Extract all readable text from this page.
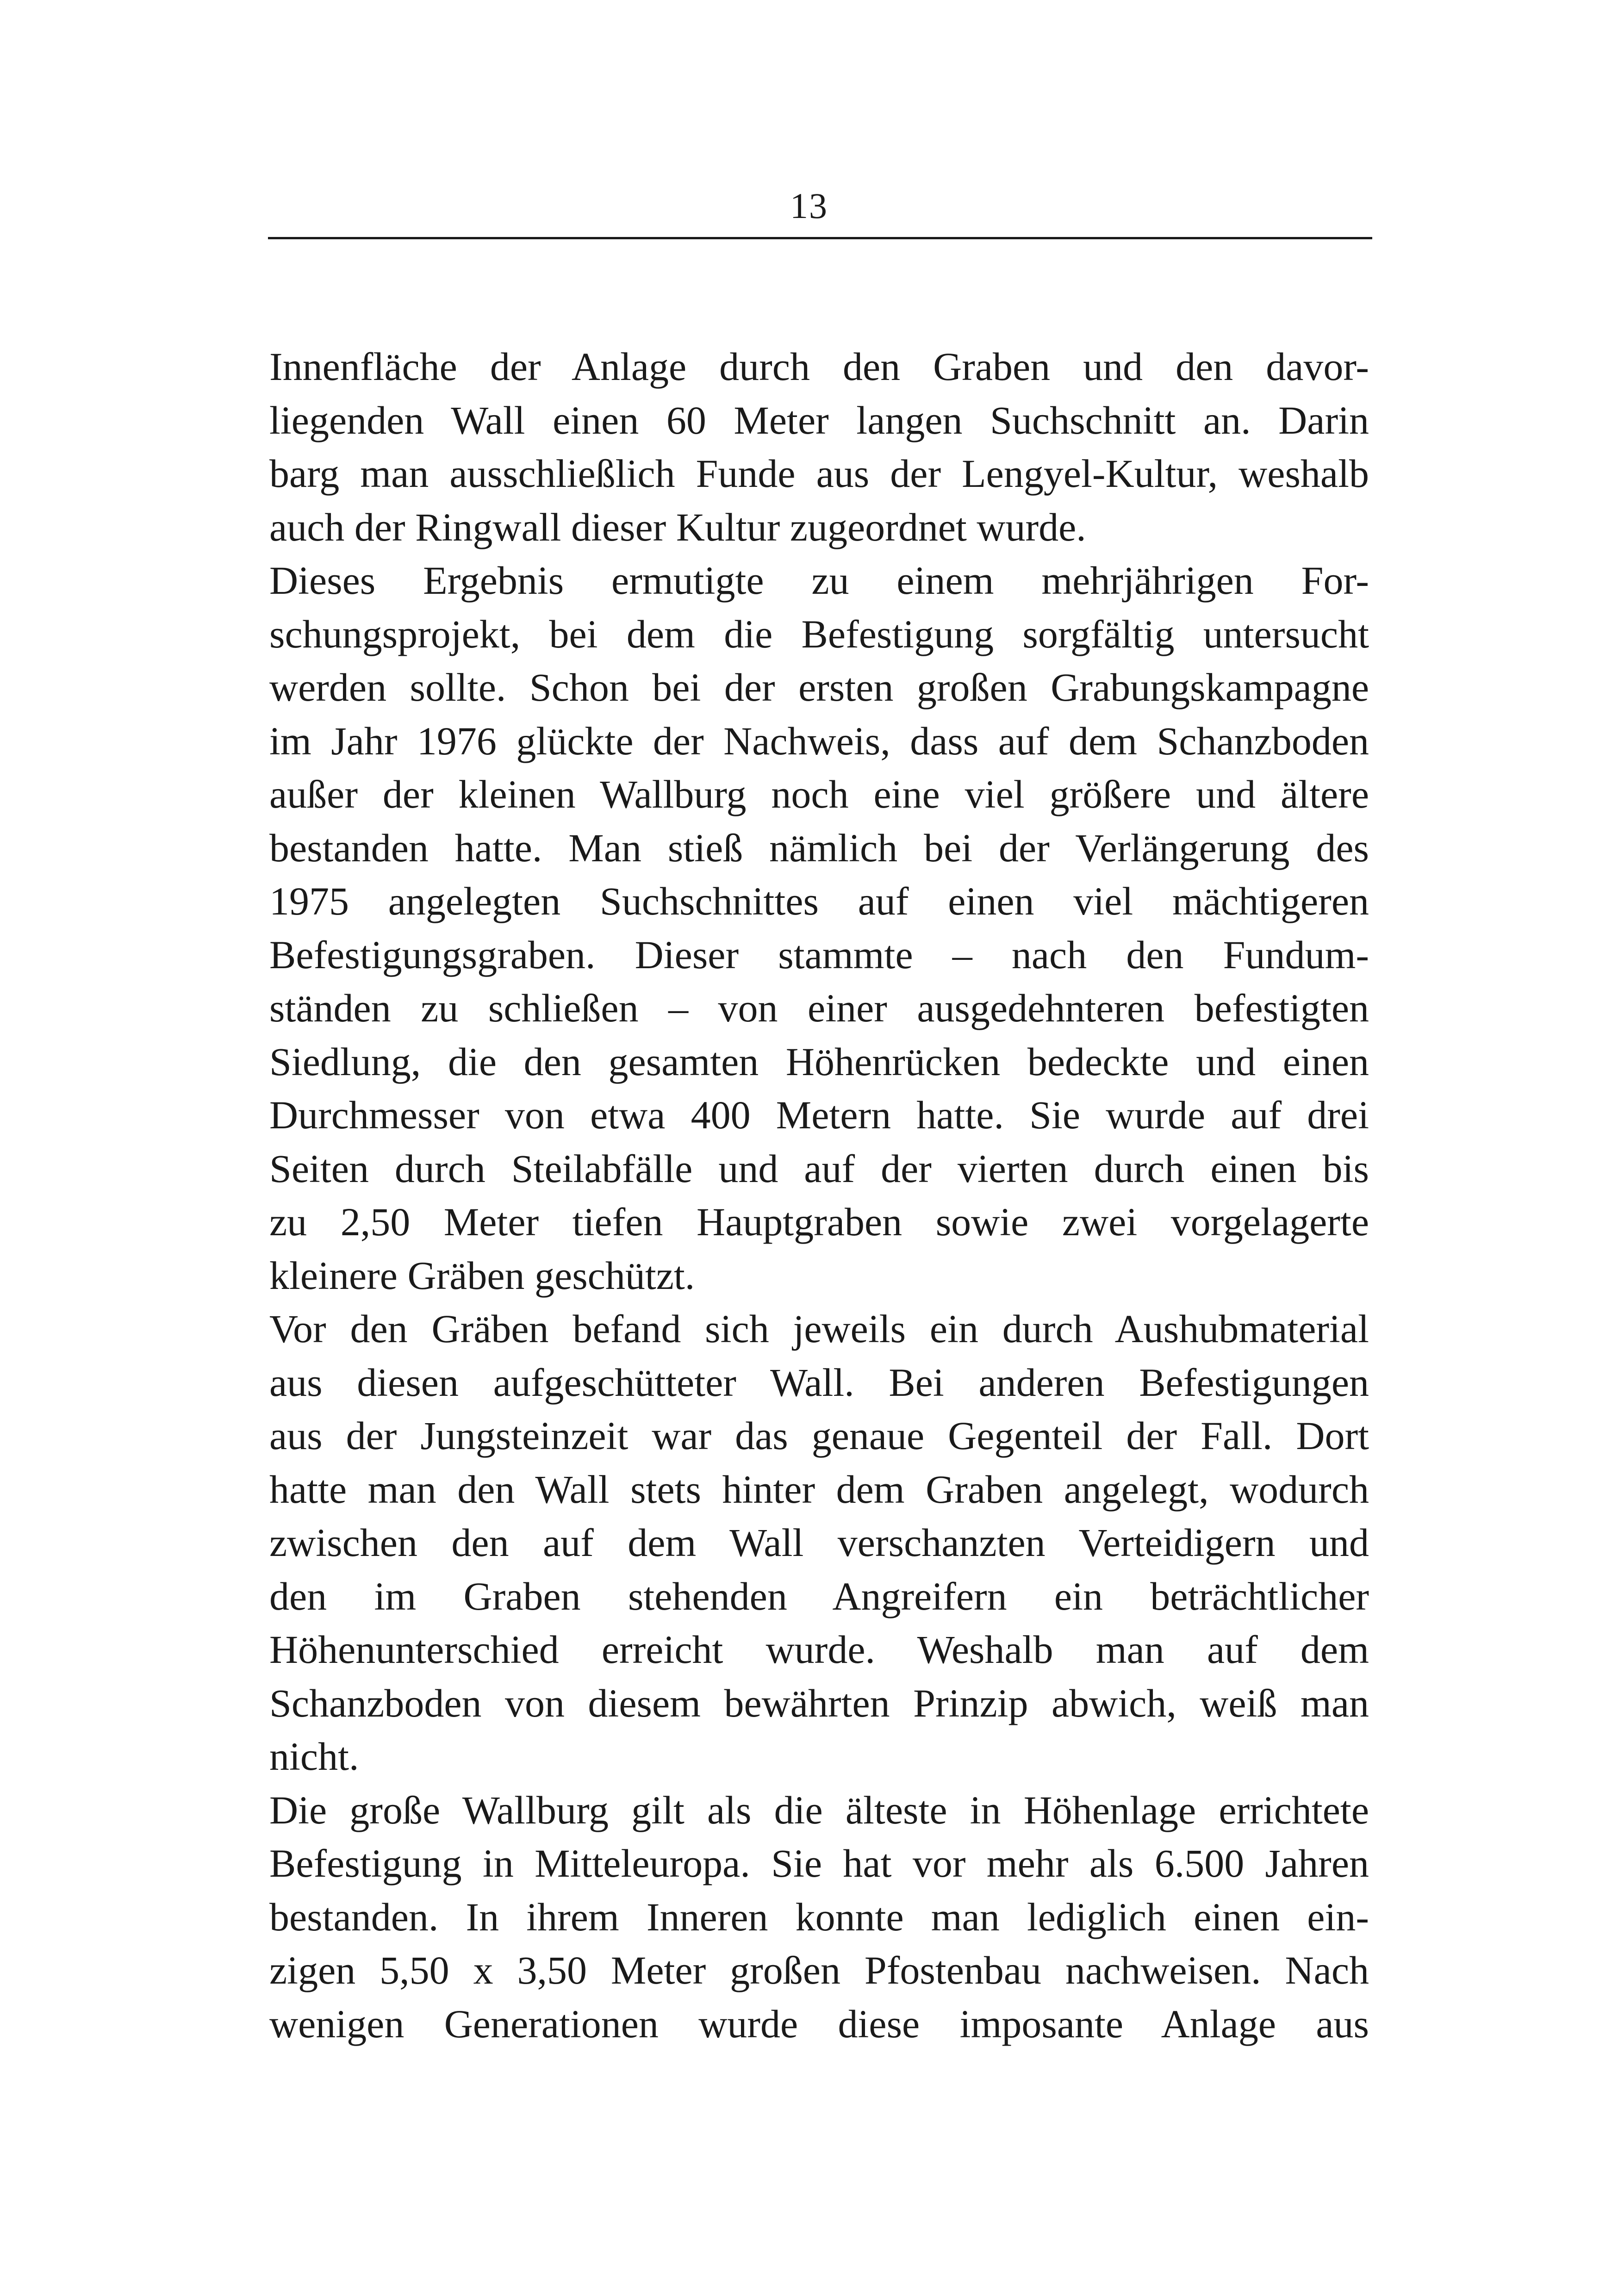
13
Innenfläche der Anlage durch den Graben und den davor-
liegenden Wall einen 60 Meter langen Suchschnitt an. Darin
barg man ausschließlich Funde aus der Lengyel-Kultur, weshalb
auch der Ringwall dieser Kultur zugeordnet wurde.
Dieses Ergebnis ermutigte zu einem mehrjährigen For-
schungsprojekt, bei dem die Befestigung sorgfältig untersucht
werden sollte. Schon bei der ersten großen Grabungskampagne
im Jahr 1976 glückte der Nachweis, dass auf dem Schanzboden
außer der kleinen Wallburg noch eine viel größere und ältere
bestanden hatte. Man stieß nämlich bei der Verlängerung des
1975 angelegten Suchschnittes auf einen viel mächtigeren
Befestigungsgraben. Dieser stammte – nach den Fundum-
ständen zu schließen – von einer ausgedehnteren befestigten
Siedlung, die den gesamten Höhenrücken bedeckte und einen
Durchmesser von etwa 400 Metern hatte. Sie wurde auf drei
Seiten durch Steilabfälle und auf der vierten durch einen bis
zu 2,50 Meter tiefen Hauptgraben sowie zwei vorgelagerte
kleinere Gräben geschützt.
Vor den Gräben befand sich jeweils ein durch Aushubmaterial
aus diesen aufgeschütteter Wall. Bei anderen Befestigungen
aus der Jungsteinzeit war das genaue Gegenteil der Fall. Dort
hatte man den Wall stets hinter dem Graben angelegt, wodurch
zwischen den auf dem Wall verschanzten Verteidigern und
den im Graben stehenden Angreifern ein beträchtlicher
Höhenunterschied erreicht wurde. Weshalb man auf dem
Schanzboden von diesem bewährten Prinzip abwich, weiß man
nicht.
Die große Wallburg gilt als die älteste in Höhenlage errichtete
Befestigung in Mitteleuropa. Sie hat vor mehr als 6.500 Jahren
bestanden. In ihrem Inneren konnte man lediglich einen ein-
zigen 5,50 x 3,50 Meter großen Pfostenbau nachweisen. Nach
wenigen Generationen wurde diese imposante Anlage aus
